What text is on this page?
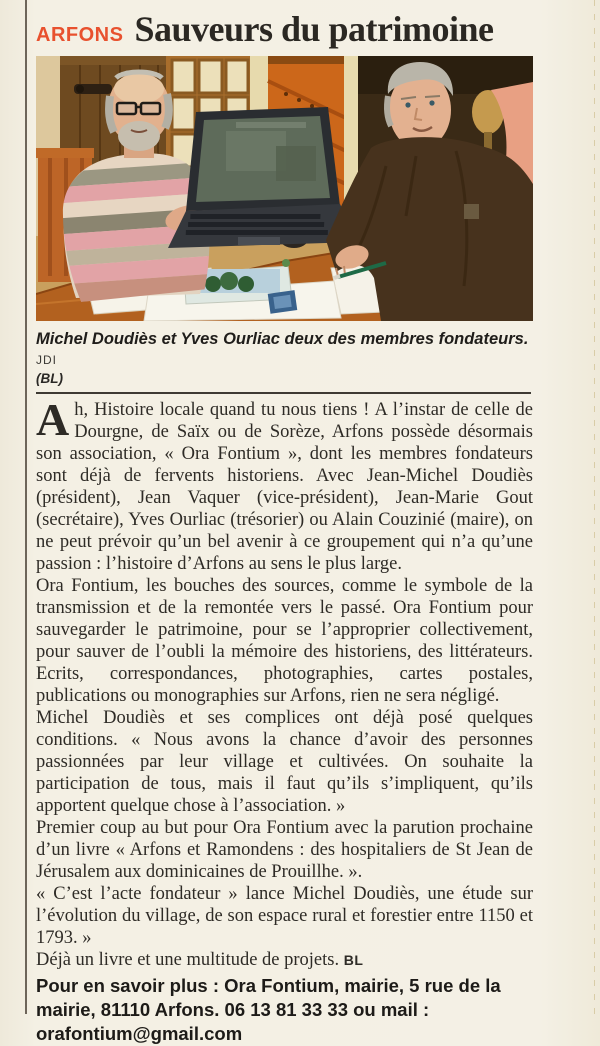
ARFONS Sauveurs du patrimoine
Michel Doudiès et Yves Ourliac deux des membres fondateurs. JDI
(BL)

Ah, Histoire locale quand tu nous tiens ! A l’instar de celle de Dourgne, de Saïx ou de Sorèze, Arfons possède désormais son association, « Ora Fontium », dont les membres fondateurs sont déjà de fervents historiens. Avec Jean-Michel Doudiès (président), Jean Vaquer (vice-président), Jean-Marie Gout (secrétaire), Yves Ourliac (trésorier) ou Alain Couzinié (maire), on ne peut prévoir qu’un bel avenir à ce groupement qui n’a qu’une passion : l’histoire d’Arfons au sens le plus large.

Ora Fontium, les bouches des sources, comme le symbole de la transmission et de la remontée vers le passé. Ora Fontium pour sauvegarder le patrimoine, pour se l’approprier collectivement, pour sauver de l’oubli la mémoire des historiens, des littérateurs. Ecrits, correspondances, photographies, cartes postales, publications ou monographies sur Arfons, rien ne sera négligé.

Michel Doudiès et ses complices ont déjà posé quelques conditions. « Nous avons la chance d’avoir des personnes passionnées par leur village et cultivées. On souhaite la participation de tous, mais il faut qu’ils s’impliquent, qu’ils apportent quelque chose à l’association. »

Premier coup au but pour Ora Fontium avec la parution prochaine d’un livre « Arfons et Ramondens : des hospitaliers de St Jean de Jérusalem aux dominicaines de Prouillhe. ».

« C’est l’acte fondateur » lance Michel Doudiès, une étude sur l’évolution du village, de son espace rural et forestier entre 1150 et 1793. »

Déjà un livre et une multitude de projets. BL

Pour en savoir plus : Ora Fontium, mairie, 5 rue de la mairie, 81110 Arfons. 06 13 81 33 33 ou mail : orafontium@gmail.com
